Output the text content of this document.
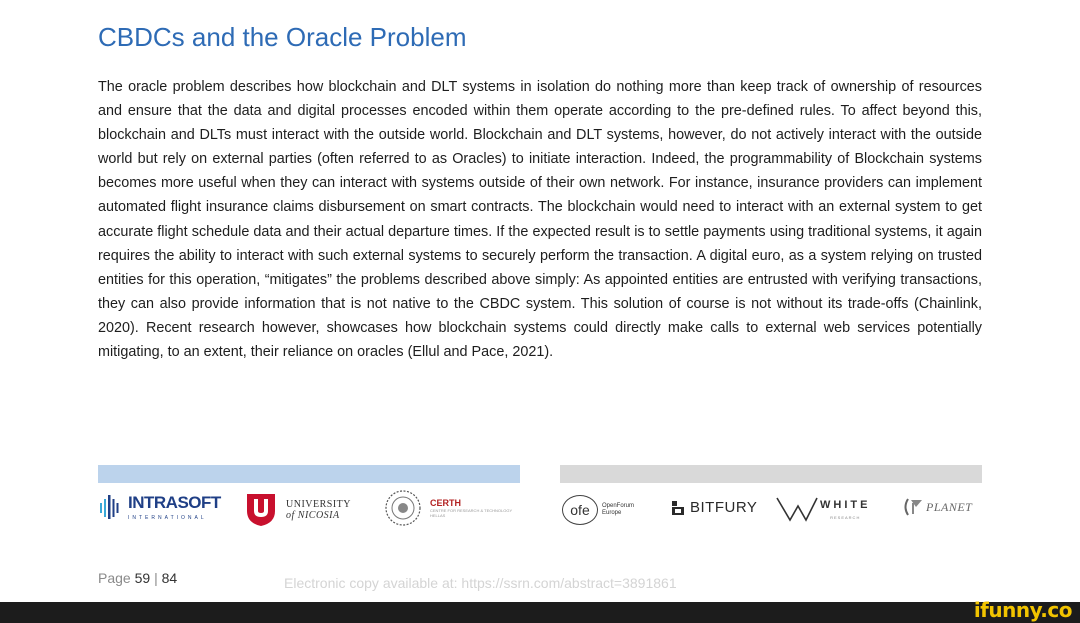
CBDCs and the Oracle Problem

The oracle problem describes how blockchain and DLT systems in isolation do nothing more than keep track of ownership of resources and ensure that the data and digital processes encoded within them operate according to the pre-defined rules. To affect beyond this, blockchain and DLTs must interact with the outside world. Blockchain and DLT systems, however, do not actively interact with the outside world but rely on external parties (often referred to as Oracles) to initiate interaction. Indeed, the programmability of Blockchain systems becomes more useful when they can interact with systems outside of their own network. For instance, insurance providers can implement automated flight insurance claims disbursement on smart contracts. The blockchain would need to interact with an external system to get accurate flight schedule data and their actual departure times. If the expected result is to settle payments using traditional systems, it again requires the ability to interact with such external systems to securely perform the transaction. A digital euro, as a system relying on trusted entities for this operation, “mitigates” the problems described above simply: As appointed entities are entrusted with verifying transactions, they can also provide information that is not native to the CBDC system. This solution of course is not without its trade-offs (Chainlink, 2020). Recent research however, showcases how blockchain systems could directly make calls to external web services potentially mitigating, to an extent, their reliance on oracles (Ellul and Pace, 2021).

INTRASOFT
INTERNATIONAL
UNIVERSITY
of NICOSIA
CERTH
CENTRE FOR RESEARCH & TECHNOLOGY HELLAS	ofe	OpenForum
Europe	BITFURY	WHITE
RESEARCH
PLANET
Page 59 | 84	Electronic copy available at: https://ssrn.com/abstract=3891861
ifunny.co
